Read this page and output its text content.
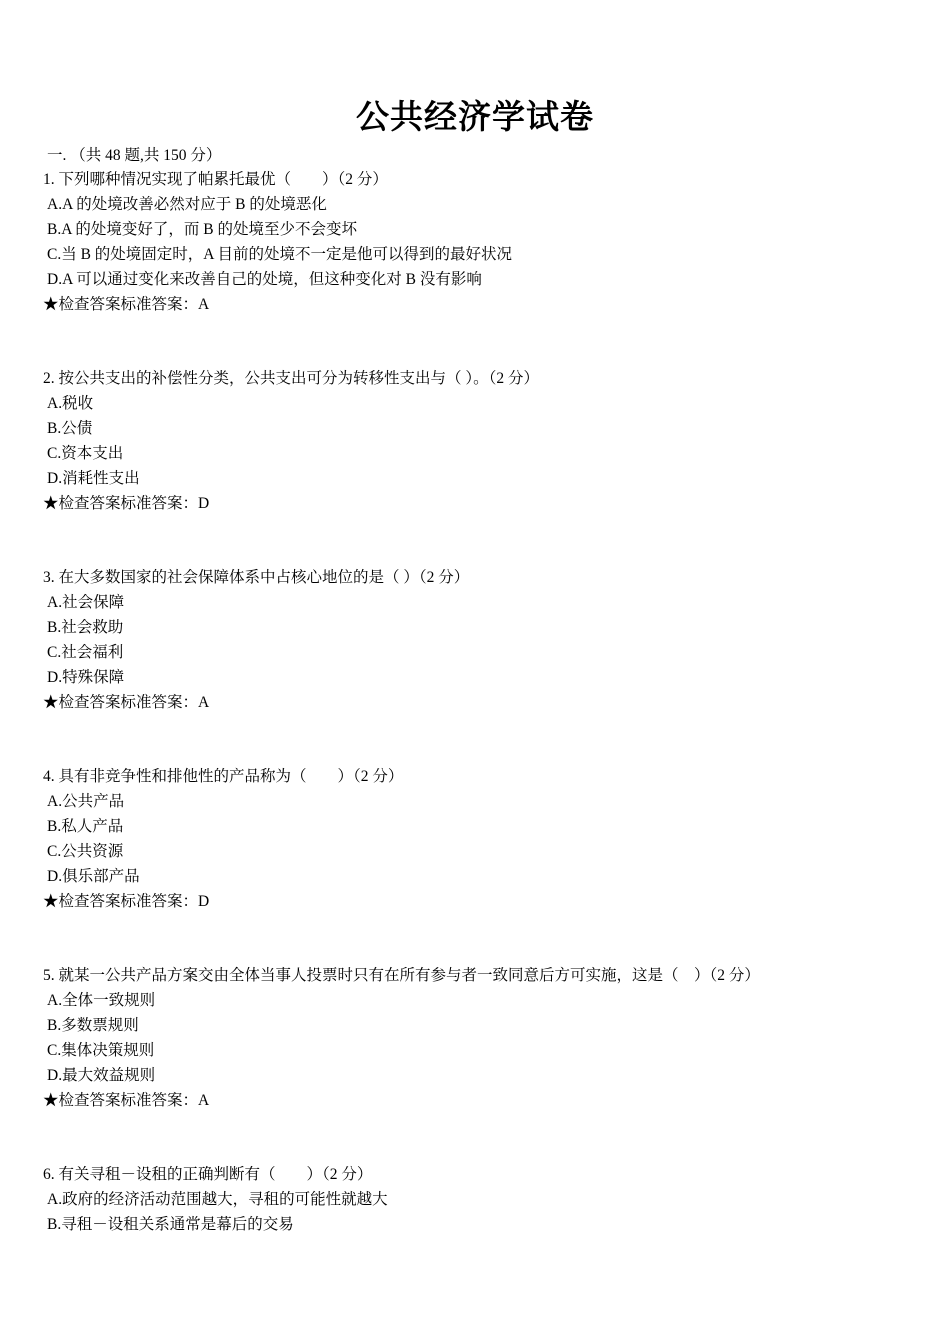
公共经济学试卷
一. （共 48 题,共 150 分）
1. 下列哪种情况实现了帕累托最优（　　）（2 分）
A.A 的处境改善必然对应于 B 的处境恶化
B.A 的处境变好了，而 B 的处境至少不会变坏
C.当 B 的处境固定时，A 目前的处境不一定是他可以得到的最好状况
D.A 可以通过变化来改善自己的处境，但这种变化对 B 没有影响
★检查答案标准答案：A
2. 按公共支出的补偿性分类，公共支出可分为转移性支出与（ ）。（2 分）
A.税收
B.公债
C.资本支出
D.消耗性支出
★检查答案标准答案：D
3. 在大多数国家的社会保障体系中占核心地位的是（ ）（2 分）
A.社会保障
B.社会救助
C.社会福利
D.特殊保障
★检查答案标准答案：A
4. 具有非竞争性和排他性的产品称为（　　）（2 分）
A.公共产品
B.私人产品
C.公共资源
D.俱乐部产品
★检查答案标准答案：D
5. 就某一公共产品方案交由全体当事人投票时只有在所有参与者一致同意后方可实施，这是（　）（2 分）
A.全体一致规则
B.多数票规则
C.集体决策规则
D.最大效益规则
★检查答案标准答案：A
6. 有关寻租－设租的正确判断有（　　）（2 分）
A.政府的经济活动范围越大，寻租的可能性就越大
B.寻租－设租关系通常是幕后的交易
